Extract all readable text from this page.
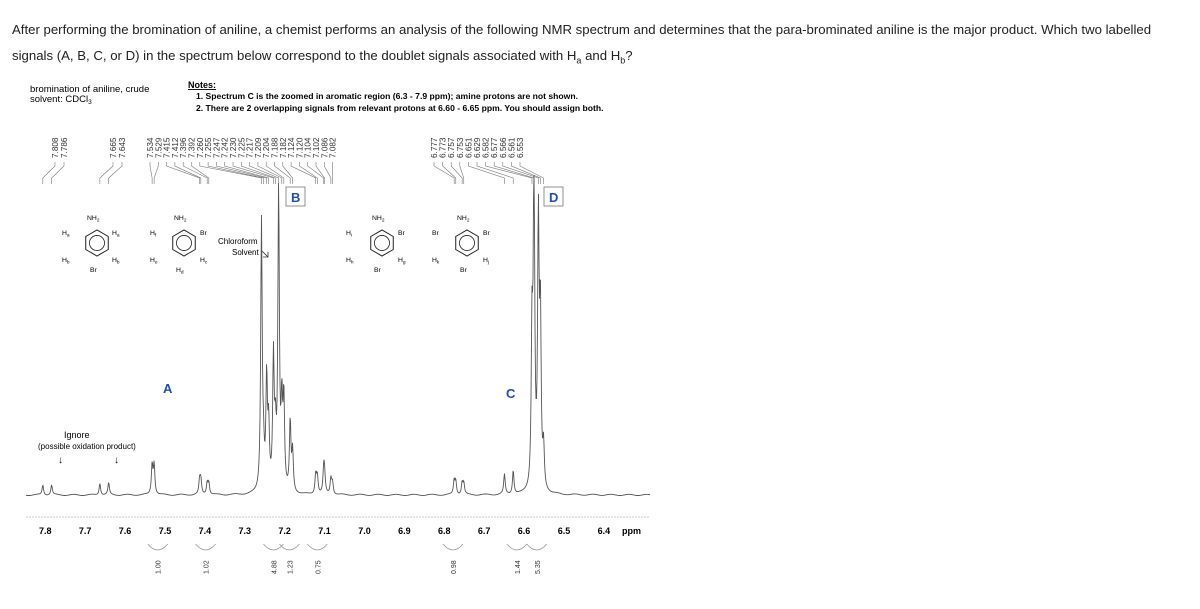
After performing the bromination of aniline, a chemist performs an analysis of the following NMR spectrum and determines that the para-brominated aniline is the major product. Which two labelled signals (A, B, C, or D) in the spectrum below correspond to the doublet signals associated with $H_a$ and $H_b$?
bromination of aniline, crude
solvent: CDCl$_3$
Notes:
1. Spectrum C is the zoomed in aromatic region (6.3 - 7.9 ppm); amine protons are not shown.
2. There are 2 overlapping signals from relevant protons at 6.60 - 6.65 ppm. You should assign both.
7.808 7.786	7.665 7.643 7.534 7.529 7.415 7.412 7.396 7.392 7.260 7.255 7.247 7.242 7.230 7.225 7.217 7.209 7.204 7.188 7.182 7.124 7.120 7.104 7.102 7.086 7.082	6.777 6.773 6.757 6.753 6.651 6.629 6.582 6.577 6.566 6.561 6.553
A
B
C
D
Ignore
(possible oxidation product)
↓	↓
Chloroform
Solvent
$NH_2$
$H_a$	$H_a$
$H_b$	$H_b$
Br
$NH_2$
$H_f$	Br
$H_e$	$H_c$
$H_d$
$NH_2$
$H_i$	Br
$H_h$	$H_g$
Br
$NH_2$
Br	Br
$H_k$	$H_j$
Br
7.8	7.7	7.6	7.5	7.4	7.3	7.2	7.1	7.0	6.9	6.8	6.7	6.6	6.5	6.4 ppm
1.00	1.02	4.88 1.23	0.75	0.98	1.44 5.35
